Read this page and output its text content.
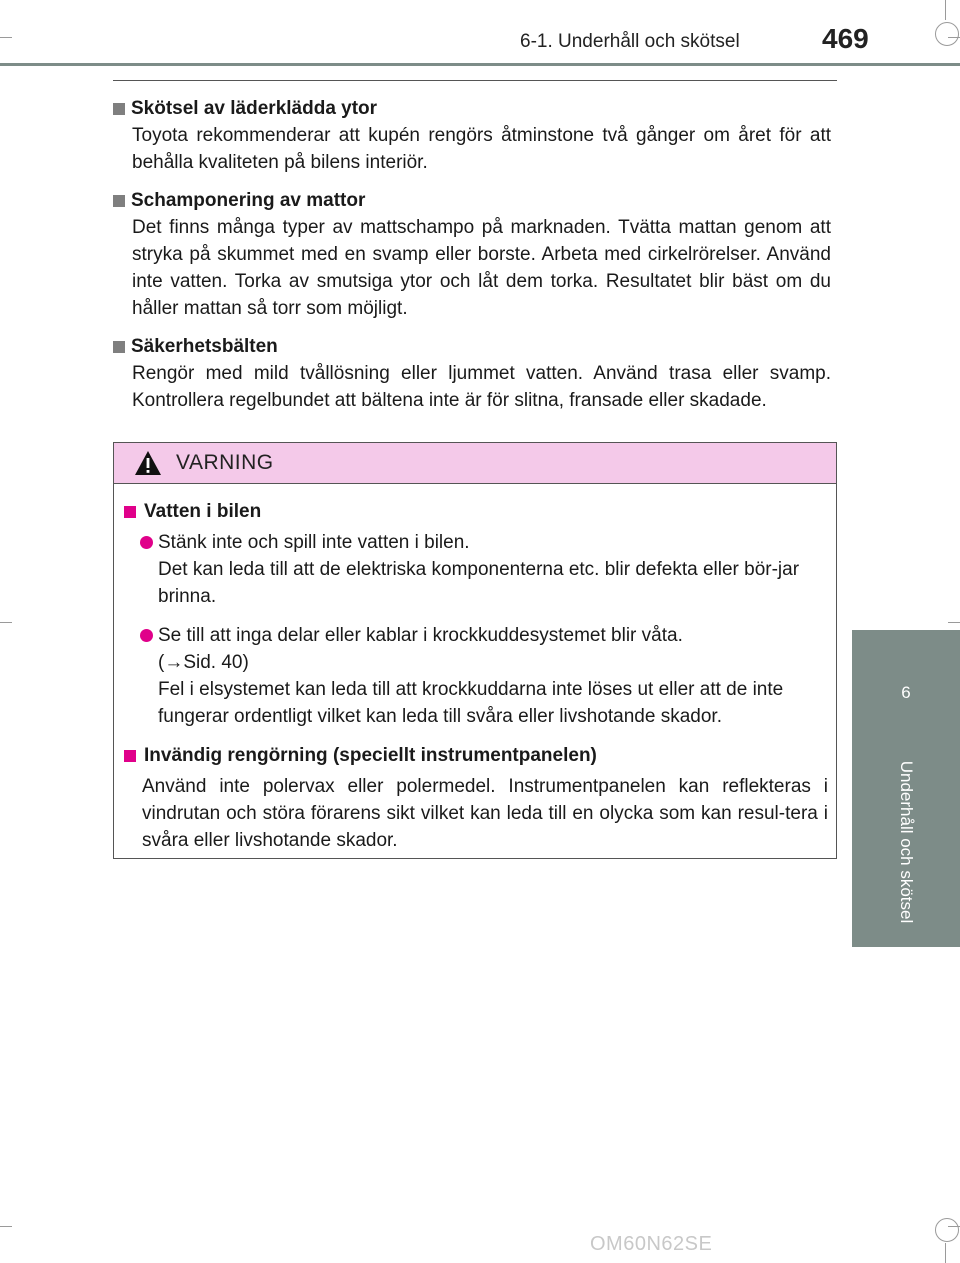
6-1. Underhåll och skötsel	469
6
Underhåll och skötsel
Skötsel av läderklädda ytor
Toyota rekommenderar att kupén rengörs åtminstone två gånger om året för att behålla kvaliteten på bilens interiör.
Schamponering av mattor
Det finns många typer av mattschampo på marknaden. Tvätta mattan genom att stryka på skummet med en svamp eller borste. Arbeta med cirkelrörelser. Använd inte vatten. Torka av smutsiga ytor och låt dem torka. Resultatet blir bäst om du håller mattan så torr som möjligt.
Säkerhetsbälten
Rengör med mild tvållösning eller ljummet vatten. Använd trasa eller svamp. Kontrollera regelbundet att bältena inte är för slitna, fransade eller skadade.
VARNING
Vatten i bilen
Stänk inte och spill inte vatten i bilen.
Det kan leda till att de elektriska komponenterna etc. blir defekta eller bör-jar brinna.
Se till att inga delar eller kablar i krockkuddesystemet blir våta.
(→Sid. 40)
Fel i elsystemet kan leda till att krockkuddarna inte löses ut eller att de inte fungerar ordentligt vilket kan leda till svåra eller livshotande skador.
Invändig rengörning (speciellt instrumentpanelen)
Använd inte polervax eller polermedel. Instrumentpanelen kan reflekteras i vindrutan och störa förarens sikt vilket kan leda till en olycka som kan resul-tera i svåra eller livshotande skador.
OM60N62SE
